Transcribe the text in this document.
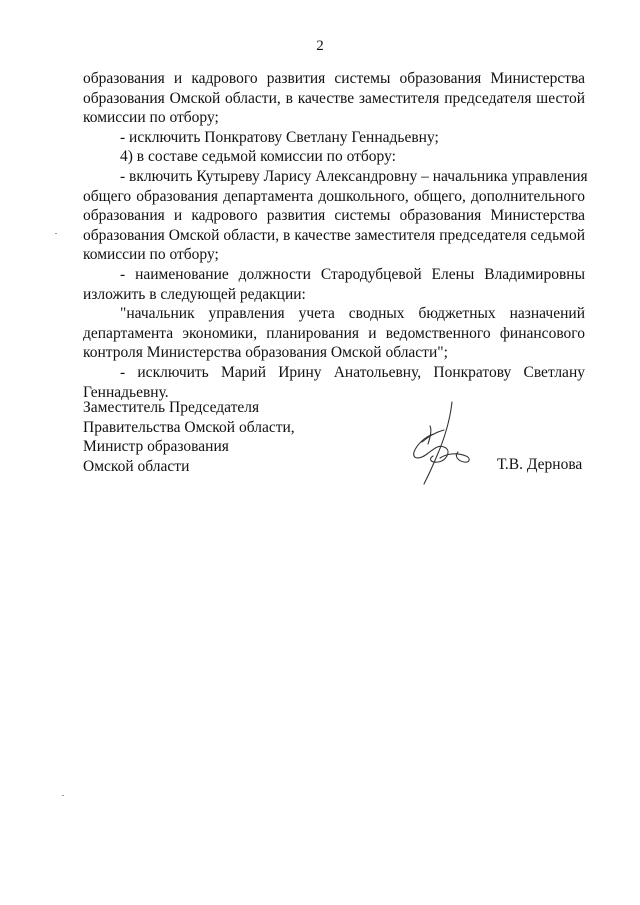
2
образования и кадрового развития системы образования Министерства
образования Омской области, в качестве заместителя председателя шестой
комиссии по отбору;
- исключить Понкратову Светлану Геннадьевну;
4) в составе седьмой комиссии по отбору:
- включить Кутыреву Ларису Александровну – начальника управления
общего образования департамента дошкольного, общего, дополнительного
образования и кадрового развития системы образования Министерства
образования Омской области, в качестве заместителя председателя седьмой
комиссии по отбору;
- наименование должности Стародубцевой Елены Владимировны
изложить в следующей редакции:
"начальник управления учета сводных бюджетных назначений
департамента экономики, планирования и ведомственного финансового
контроля Министерства образования Омской области";
- исключить Марий Ирину Анатольевну, Понкратову Светлану
Геннадьевну.
Заместитель Председателя
Правительства Омской области,
Министр образования
Омской области	Т.В. Дернова
